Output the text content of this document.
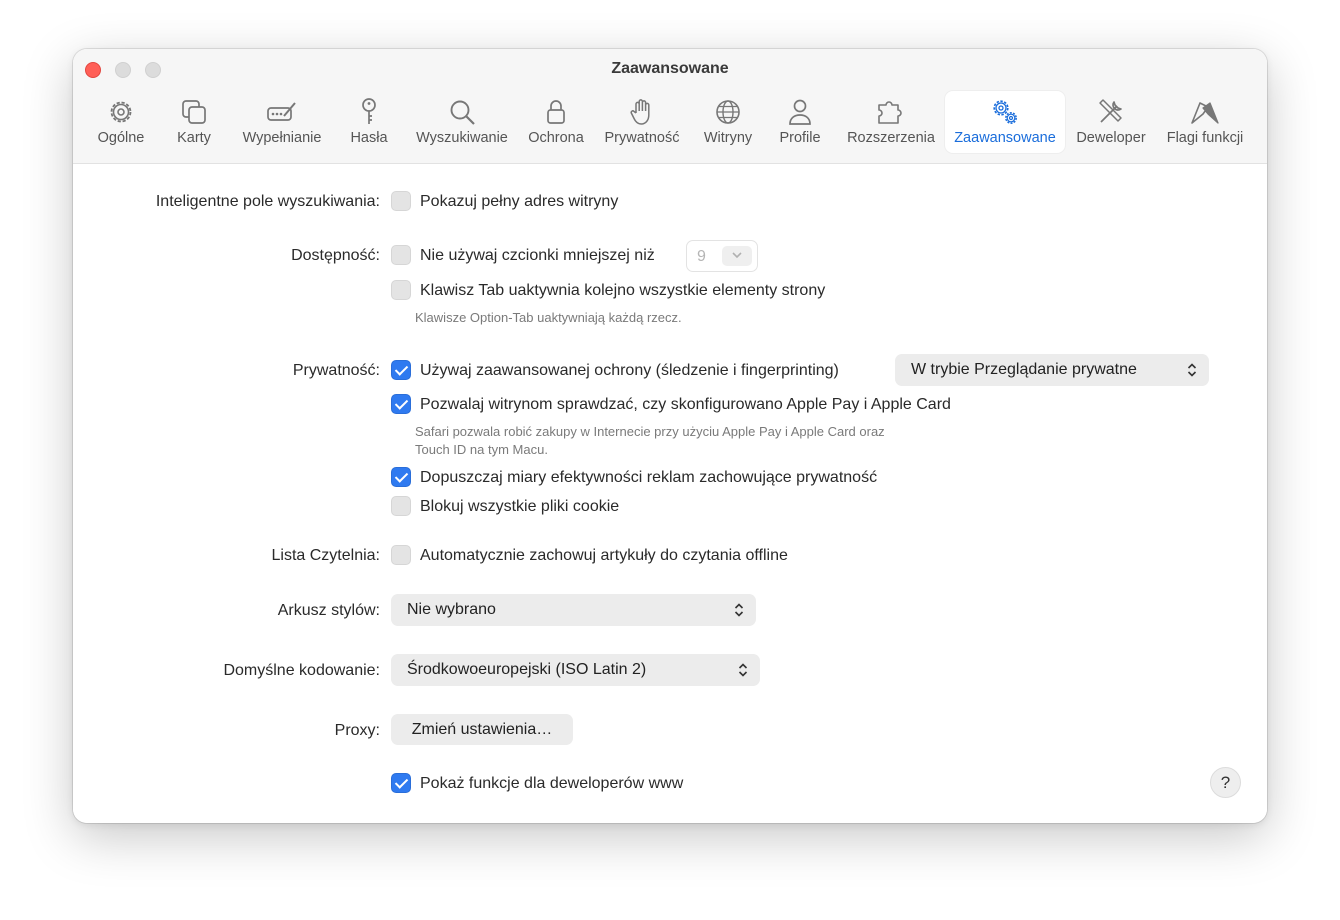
Zaawansowane
Ogólne	Karty	Wypełnianie	Hasła	Wyszukiwanie	Ochrona	Prywatność	Witryny	Profile	Rozszerzenia	Zaawansowane	Deweloper	Flagi funkcji
Inteligentne pole wyszukiwania:	Pokazuj pełny adres witryny
Dostępność:	Nie używaj czcionki mniejszej niż	9
Klawisz Tab uaktywnia kolejno wszystkie elementy strony
Klawisze Option-Tab uaktywniają każdą rzecz.
Prywatność:	Używaj zaawansowanej ochrony (śledzenie i fingerprinting)	W trybie Przeglądanie prywatne
Pozwalaj witrynom sprawdzać, czy skonfigurowano Apple Pay i Apple Card
Safari pozwala robić zakupy w Internecie przy użyciu Apple Pay i Apple Card oraz
Touch ID na tym Macu.
Dopuszczaj miary efektywności reklam zachowujące prywatność
Blokuj wszystkie pliki cookie
Lista Czytelnia:	Automatycznie zachowuj artykuły do czytania offline
Arkusz stylów: Nie wybrano
Domyślne kodowanie: Środkowoeuropejski (ISO Latin 2)
Proxy:	Zmień ustawienia…
Pokaż funkcje dla deweloperów www	?
